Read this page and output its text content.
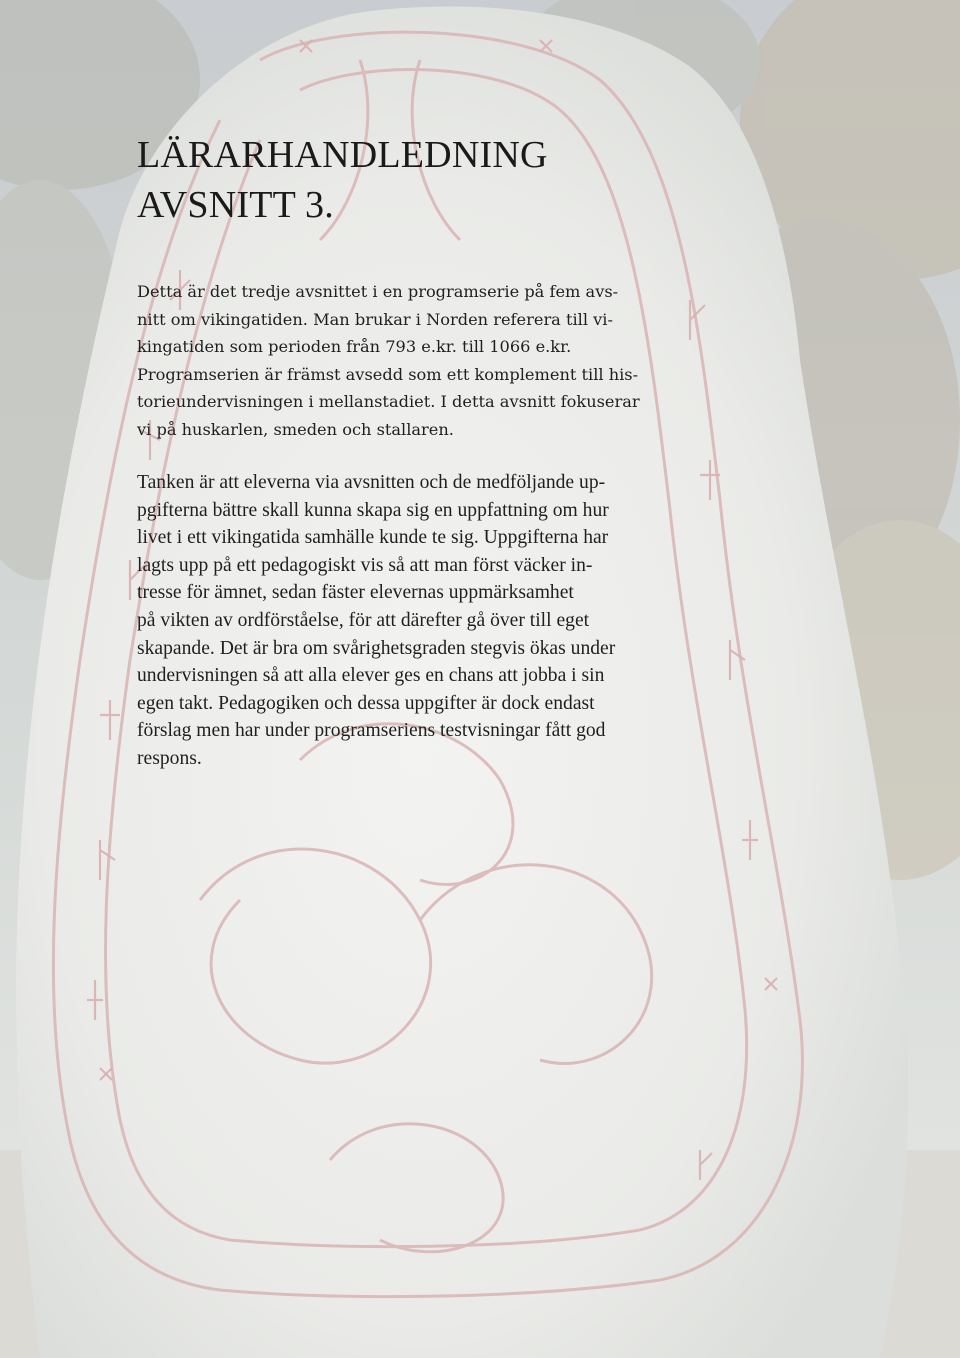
LÄRARHANDLEDNING
AVSNITT 3.

Detta är det tredje avsnittet i en programserie på fem avs-
nitt om vikingatiden. Man brukar i Norden referera till vi-
kingatiden som perioden från 793 e.kr. till 1066 e.kr.
Programserien är främst avsedd som ett komplement till his-
torieundervisningen i mellanstadiet. I detta avsnitt fokuserar
vi på huskarlen, smeden och stallaren.

Tanken är att eleverna via avsnitten och de medföljande up-
pgifterna bättre skall kunna skapa sig en uppfattning om hur
livet i ett vikingatida samhälle kunde te sig. Uppgifterna har
lagts upp på ett pedagogiskt vis så att man först väcker in-
tresse för ämnet, sedan fäster elevernas uppmärksamhet
på vikten av ordförståelse, för att därefter gå över till eget
skapande. Det är bra om svårighetsgraden stegvis ökas under
undervisningen så att alla elever ges en chans att jobba i sin
egen takt. Pedagogiken och dessa uppgifter är dock endast
förslag men har under programseriens testvisningar fått god
respons.
